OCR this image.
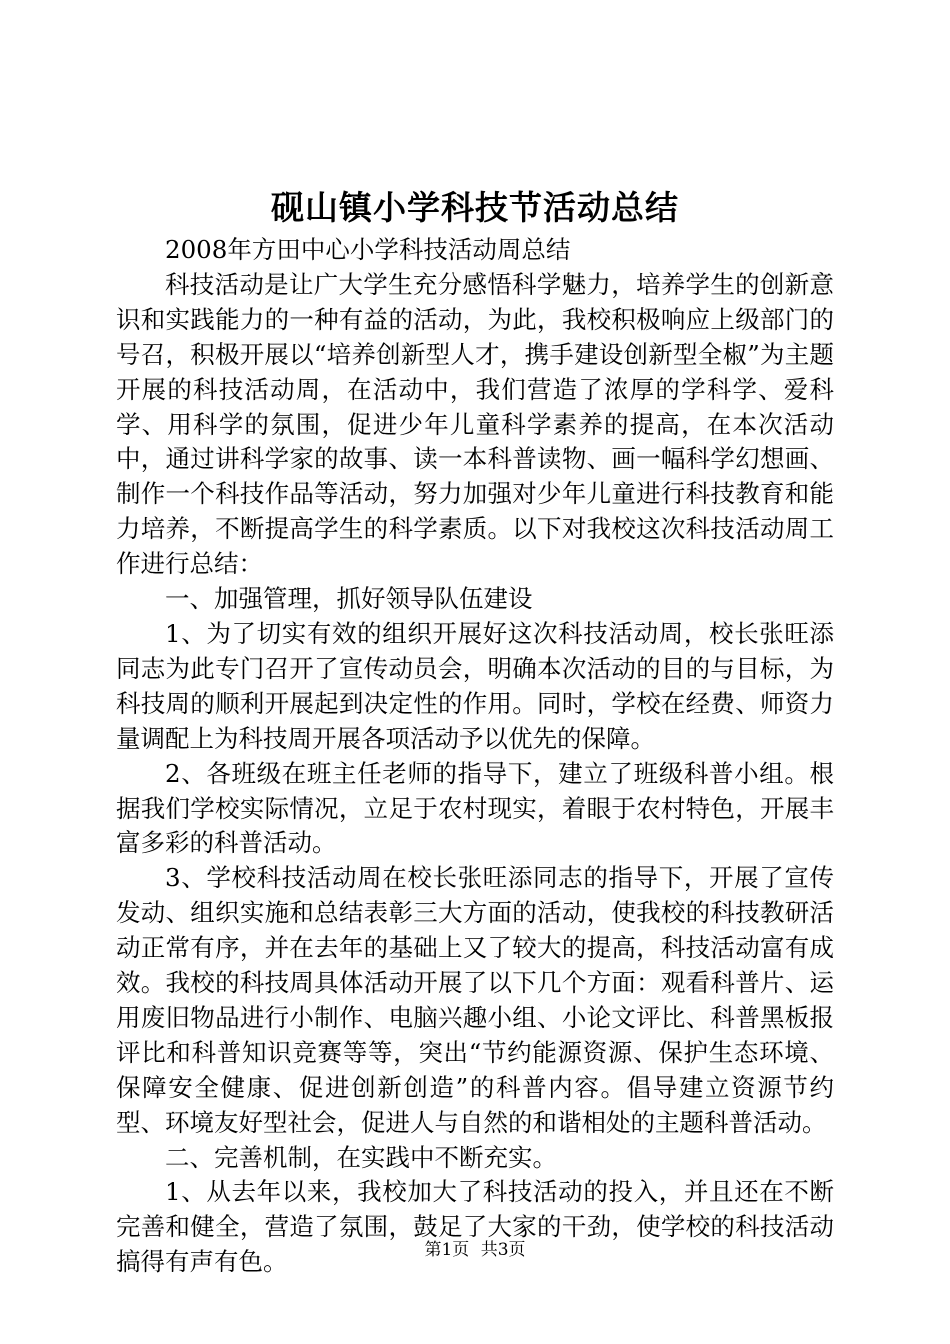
砚山镇小学科技节活动总结

2008年方田中心小学科技活动周总结

科技活动是让广大学生充分感悟科学魅力，培养学生的创新意识和实践能力的一种有益的活动，为此，我校积极响应上级部门的号召，积极开展以“培养创新型人才，携手建设创新型全椒”为主题开展的科技活动周，在活动中，我们营造了浓厚的学科学、爱科学、用科学的氛围，促进少年儿童科学素养的提高，在本次活动中，通过讲科学家的故事、读一本科普读物、画一幅科学幻想画、制作一个科技作品等活动，努力加强对少年儿童进行科技教育和能力培养，不断提高学生的科学素质。以下对我校这次科技活动周工作进行总结：

一、加强管理，抓好领导队伍建设

1、为了切实有效的组织开展好这次科技活动周，校长张旺添同志为此专门召开了宣传动员会，明确本次活动的目的与目标，为科技周的顺利开展起到决定性的作用。同时，学校在经费、师资力量调配上为科技周开展各项活动予以优先的保障。

2、各班级在班主任老师的指导下，建立了班级科普小组。根据我们学校实际情况，立足于农村现实，着眼于农村特色，开展丰富多彩的科普活动。

3、学校科技活动周在校长张旺添同志的指导下，开展了宣传发动、组织实施和总结表彰三大方面的活动，使我校的科技教研活动正常有序，并在去年的基础上又了较大的提高，科技活动富有成效。我校的科技周具体活动开展了以下几个方面：观看科普片、运用废旧物品进行小制作、电脑兴趣小组、小论文评比、科普黑板报评比和科普知识竞赛等等，突出“节约能源资源、保护生态环境、保障安全健康、促进创新创造”的科普内容。倡导建立资源节约型、环境友好型社会，促进人与自然的和谐相处的主题科普活动。

二、完善机制，在实践中不断充实。

1、从去年以来，我校加大了科技活动的投入，并且还在不断完善和健全，营造了氛围，鼓足了大家的干劲，使学校的科技活动搞得有声有色。	第1页 共3页
